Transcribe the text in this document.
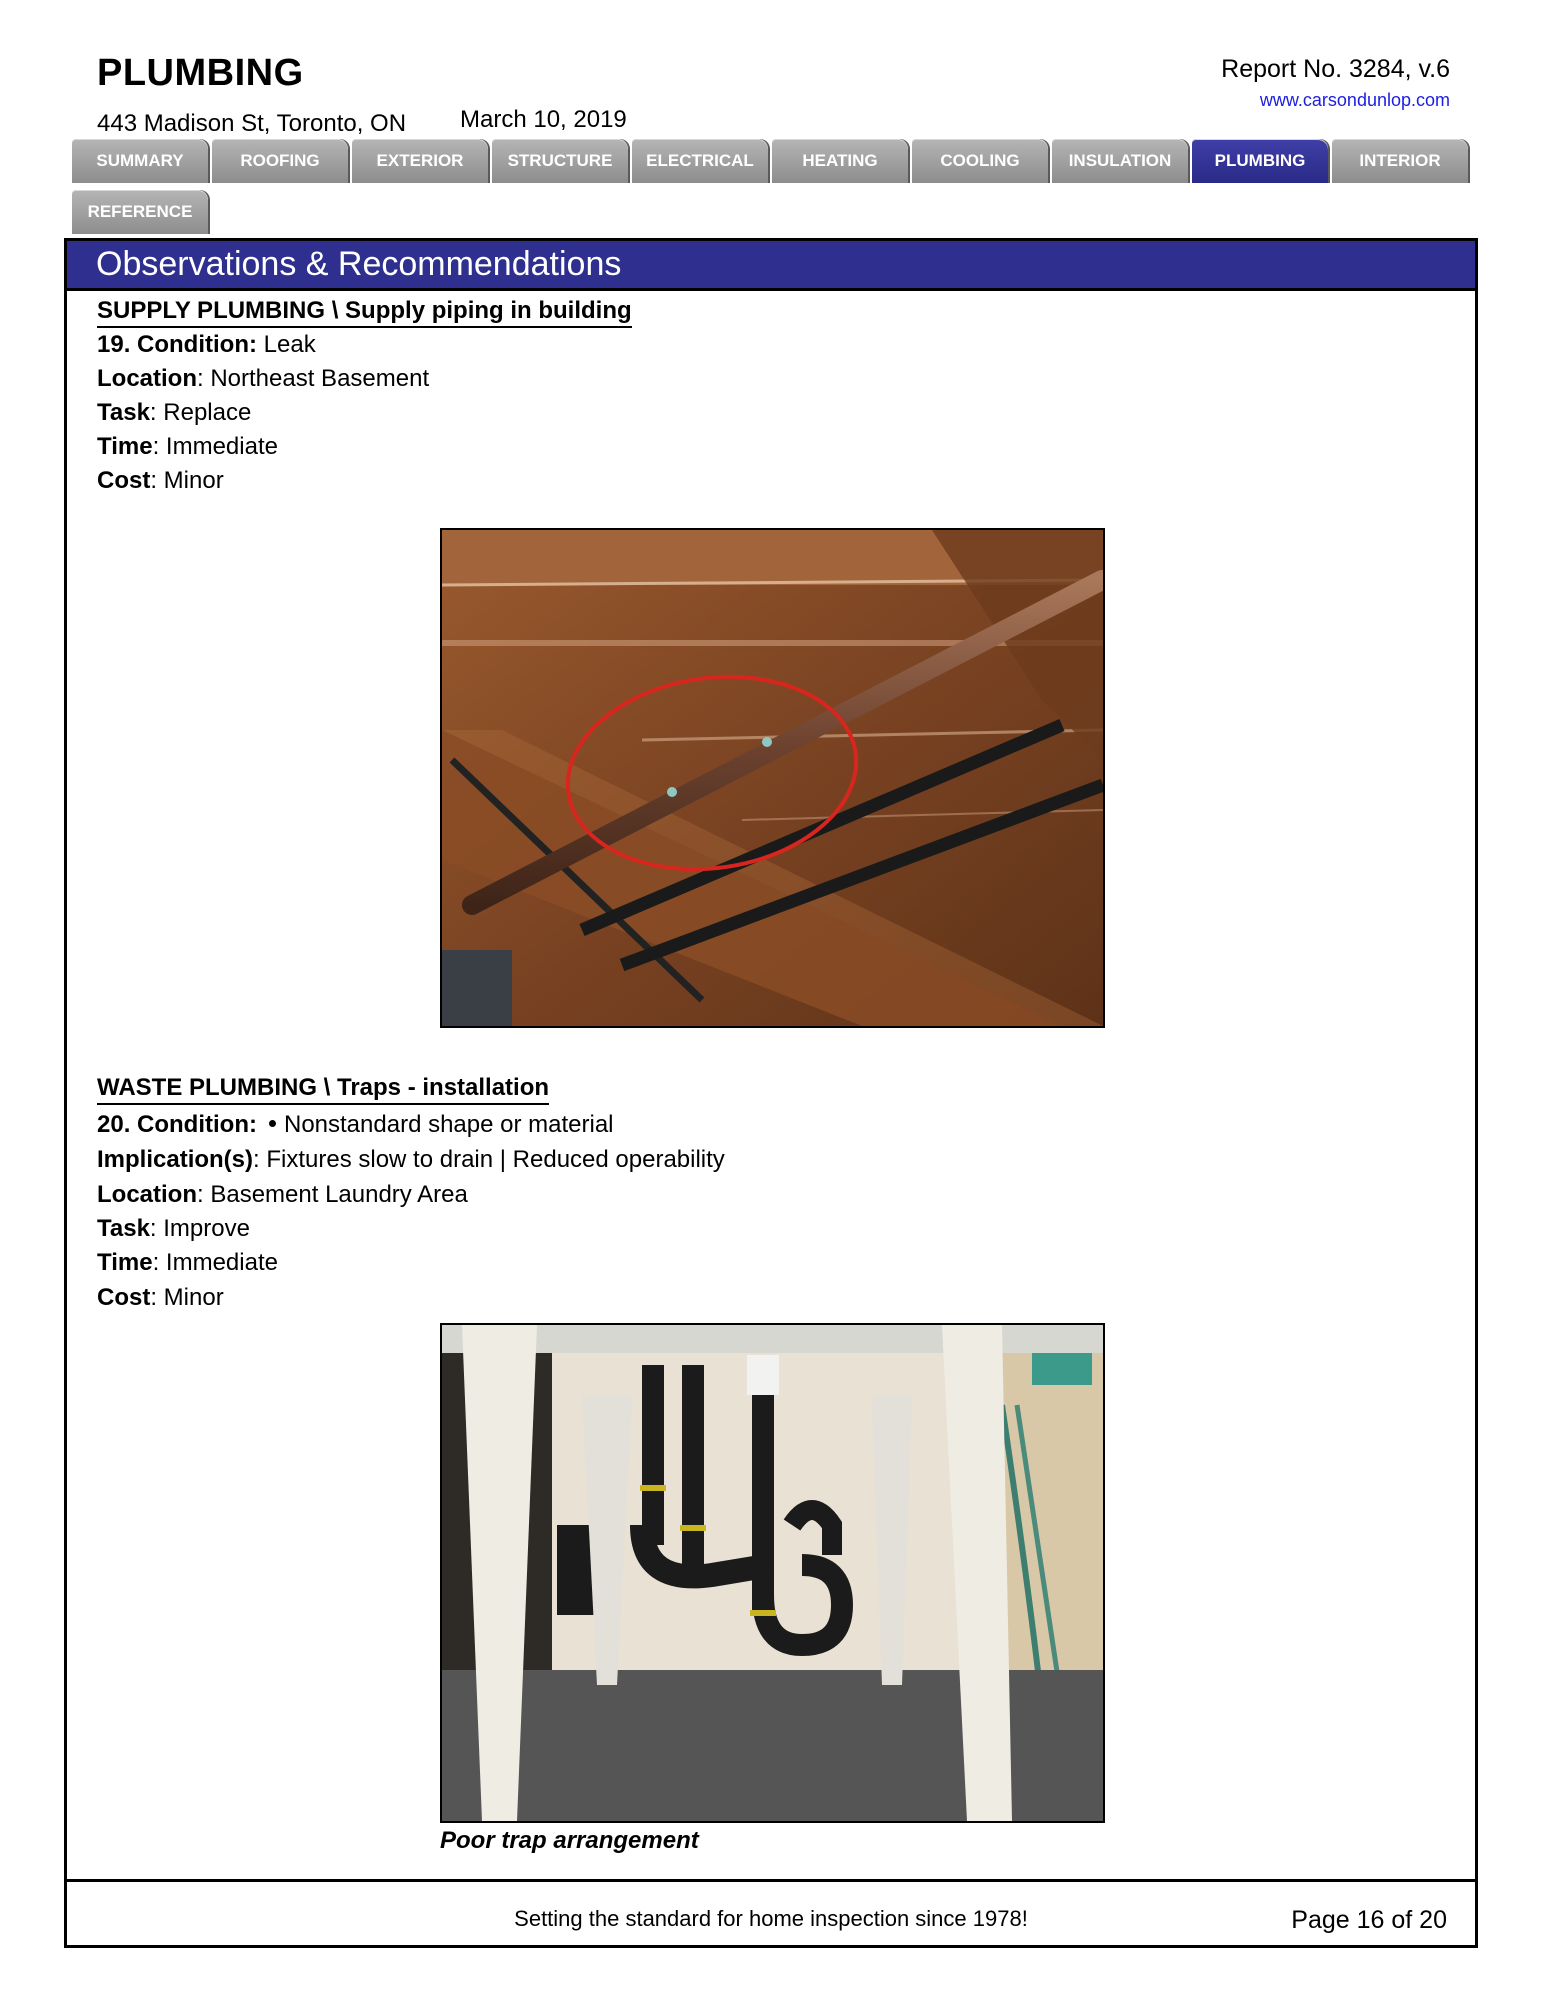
PLUMBING
443 Madison St, Toronto, ON March 10, 2019
Report No. 3284, v.6
www.carsondunlop.com
SUMMARY	ROOFING	EXTERIOR	STRUCTURE	ELECTRICAL	HEATING	COOLING	INSULATION	PLUMBING	INTERIOR
REFERENCE
Observations & Recommendations
SUPPLY PLUMBING \ Supply piping in building
19. Condition: Leak
Location: Northeast Basement
Task: Replace
Time: Immediate
Cost: Minor
WASTE PLUMBING \ Traps - installation
20. Condition: Nonstandard shape or material
Implication(s): Fixtures slow to drain | Reduced operability
Location: Basement Laundry Area
Task: Improve
Time: Immediate
Cost: Minor
Poor trap arrangement
Setting the standard for home inspection since 1978!	Page 16 of 20
